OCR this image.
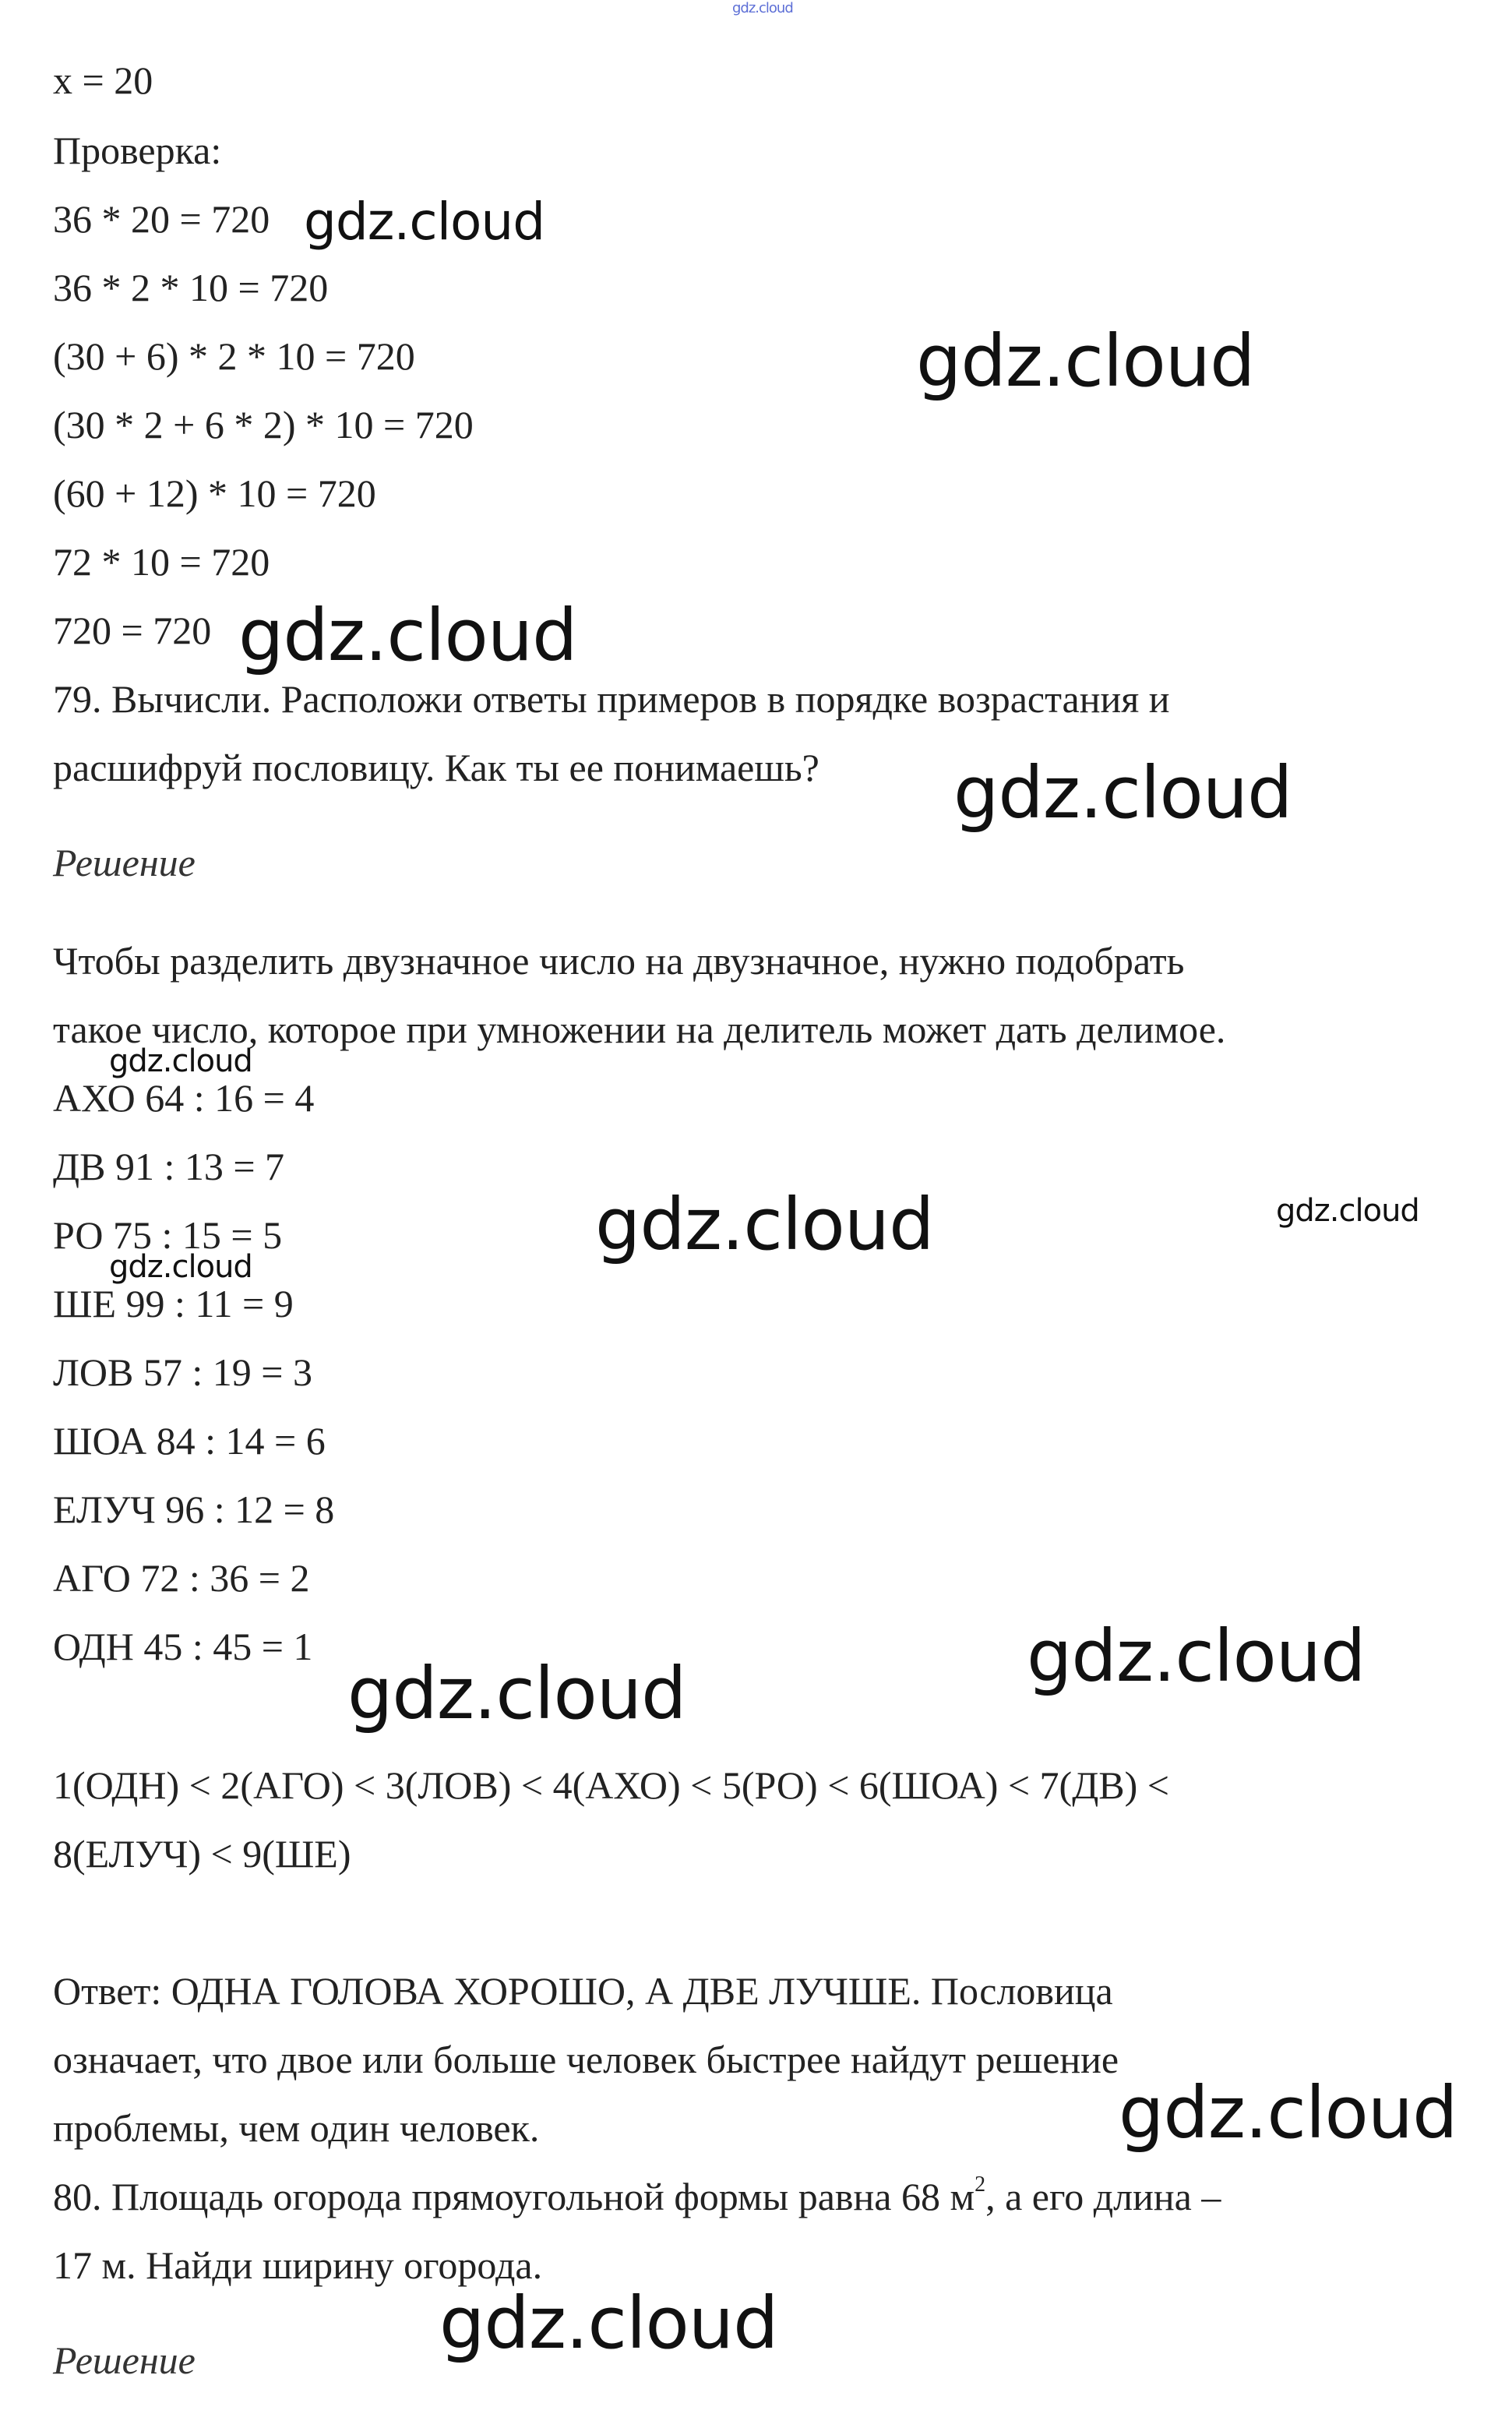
gdz.cloud
x = 20
Проверка:
36 * 20 = 720
36 * 2 * 10 = 720
(30 + 6) * 2 * 10 = 720
(30 * 2 + 6 * 2) * 10 = 720
(60 + 12) * 10 = 720
72 * 10 = 720
720 = 720
79. Вычисли. Расположи ответы примеров в порядке возрастания и
расшифруй пословицу. Как ты ее понимаешь?
Решение
Чтобы разделить двузначное число на двузначное, нужно подобрать
такое число, которое при умножении на делитель может дать делимое.
АХО 64 : 16 = 4
ДВ 91 : 13 = 7
РО 75 : 15 = 5
ШЕ 99 : 11 = 9
ЛОВ 57 : 19 = 3
ШОА 84 : 14 = 6
ЕЛУЧ 96 : 12 = 8
АГО 72 : 36 = 2
ОДН 45 : 45 = 1
1(ОДН) < 2(АГО) < 3(ЛОВ) < 4(АХО) < 5(РО) < 6(ШОА) < 7(ДВ) <
8(ЕЛУЧ) < 9(ШЕ)
Ответ: ОДНА ГОЛОВА ХОРОШО, А ДВЕ ЛУЧШЕ. Пословица
означает, что двое или больше человек быстрее найдут решение
проблемы, чем один человек.
80. Площадь огорода прямоугольной формы равна 68 $м^2$, а его длина –
17 м. Найди ширину огорода.
Решение
gdz.cloud
gdz.cloud
gdz.cloud
gdz.cloud
gdz.cloud
gdz.cloud
gdz.cloud
gdz.cloud
gdz.cloud
gdz.cloud
gdz.cloud
gdz.cloud
